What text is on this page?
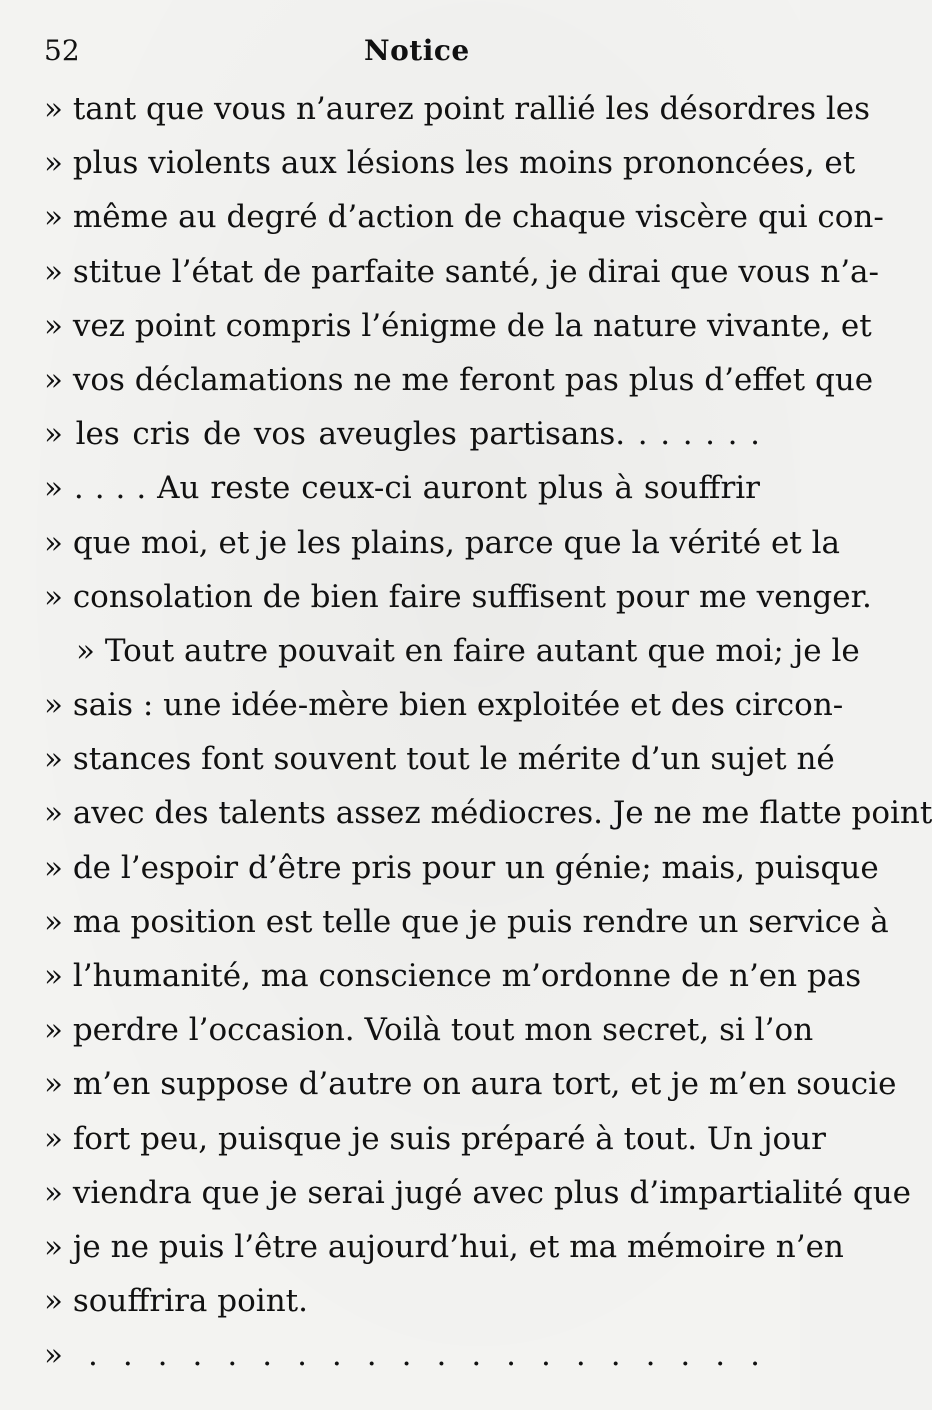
52	Notice
» tant que vous n’aurez point rallié les désordres les
» plus violents aux lésions les moins prononcées, et
» même au degré d’action de chaque viscère qui con-
» stitue l’état de parfaite santé, je dirai que vous n’a-
» vez point compris l’énigme de la nature vivante, et
» vos déclamations ne me feront pas plus d’effet que
» les cris de vos aveugles partisans. . . . . . .
» . . . . Au reste ceux-ci auront plus à souffrir
» que moi, et je les plains, parce que la vérité et la
» consolation de bien faire suffisent pour me venger.
» Tout autre pouvait en faire autant que moi; je le
» sais : une idée-mère bien exploitée et des circon-
» stances font souvent tout le mérite d’un sujet né
» avec des talents assez médiocres. Je ne me flatte point
» de l’espoir d’être pris pour un génie; mais, puisque
» ma position est telle que je puis rendre un service à
» l’humanité, ma conscience m’ordonne de n’en pas
» perdre l’occasion. Voilà tout mon secret, si l’on
» m’en suppose d’autre on aura tort, et je m’en soucie
» fort peu, puisque je suis préparé à tout. Un jour
» viendra que je serai jugé avec plus d’impartialité que
» je ne puis l’être aujourd’hui, et ma mémoire n’en
» souffrira point.
» . . . . . . . . . . . . . . . . . . . .
